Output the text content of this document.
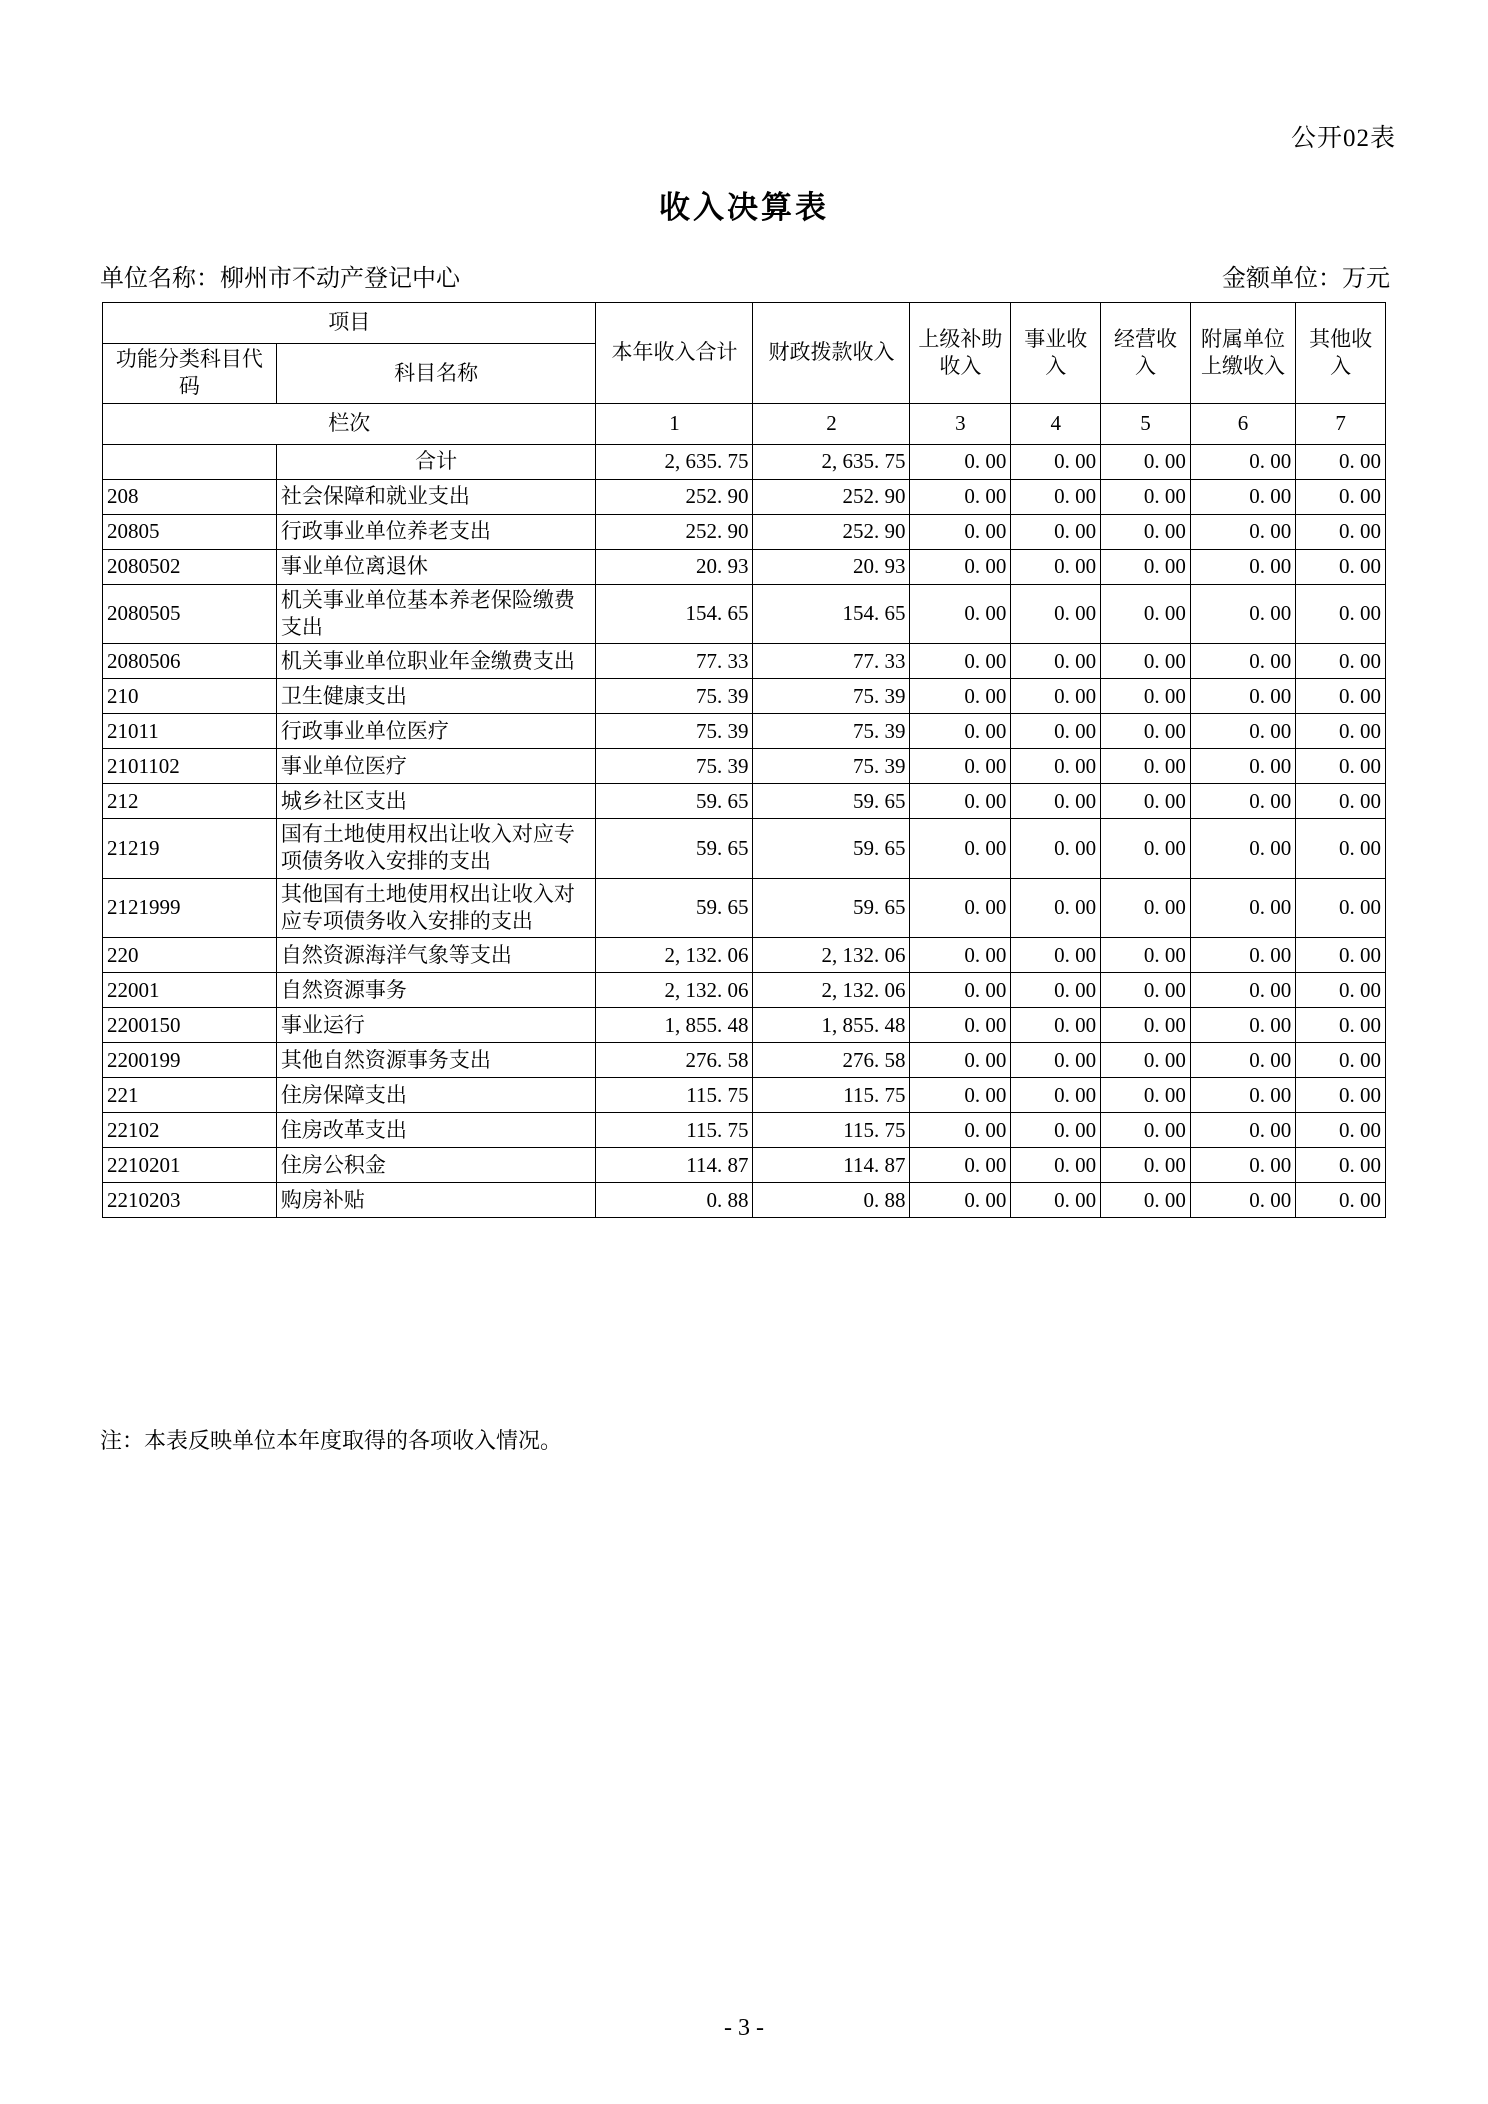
公开02表
收入决算表
单位名称：柳州市不动产登记中心	金额单位：万元
项目		本年收入合计	财政拨款收入	上级补助收入	事业收入	经营收入	附属单位上缴收入	其他收入
功能分类科目代码	科目名称							
栏次		1	2	3	4	5	6	7
	合计	2, 635. 75	2, 635. 75	0. 00	0. 00	0. 00	0. 00	0. 00
208	社会保障和就业支出	252. 90	252. 90	0. 00	0. 00	0. 00	0. 00	0. 00
20805	行政事业单位养老支出	252. 90	252. 90	0. 00	0. 00	0. 00	0. 00	0. 00
2080502	事业单位离退休	20. 93	20. 93	0. 00	0. 00	0. 00	0. 00	0. 00
2080505	机关事业单位基本养老保险缴费支出	154. 65	154. 65	0. 00	0. 00	0. 00	0. 00	0. 00
2080506	机关事业单位职业年金缴费支出	77. 33	77. 33	0. 00	0. 00	0. 00	0. 00	0. 00
210	卫生健康支出	75. 39	75. 39	0. 00	0. 00	0. 00	0. 00	0. 00
21011	行政事业单位医疗	75. 39	75. 39	0. 00	0. 00	0. 00	0. 00	0. 00
2101102	事业单位医疗	75. 39	75. 39	0. 00	0. 00	0. 00	0. 00	0. 00
212	城乡社区支出	59. 65	59. 65	0. 00	0. 00	0. 00	0. 00	0. 00
21219	国有土地使用权出让收入对应专项债务收入安排的支出	59. 65	59. 65	0. 00	0. 00	0. 00	0. 00	0. 00
2121999	其他国有土地使用权出让收入对应专项债务收入安排的支出	59. 65	59. 65	0. 00	0. 00	0. 00	0. 00	0. 00
220	自然资源海洋气象等支出	2, 132. 06	2, 132. 06	0. 00	0. 00	0. 00	0. 00	0. 00
22001	自然资源事务	2, 132. 06	2, 132. 06	0. 00	0. 00	0. 00	0. 00	0. 00
2200150	事业运行	1, 855. 48	1, 855. 48	0. 00	0. 00	0. 00	0. 00	0. 00
2200199	其他自然资源事务支出	276. 58	276. 58	0. 00	0. 00	0. 00	0. 00	0. 00
221	住房保障支出	115. 75	115. 75	0. 00	0. 00	0. 00	0. 00	0. 00
22102	住房改革支出	115. 75	115. 75	0. 00	0. 00	0. 00	0. 00	0. 00
2210201	住房公积金	114. 87	114. 87	0. 00	0. 00	0. 00	0. 00	0. 00
2210203	购房补贴	0. 88	0. 88	0. 00	0. 00	0. 00	0. 00	0. 00
注：本表反映单位本年度取得的各项收入情况。
- 3 -
